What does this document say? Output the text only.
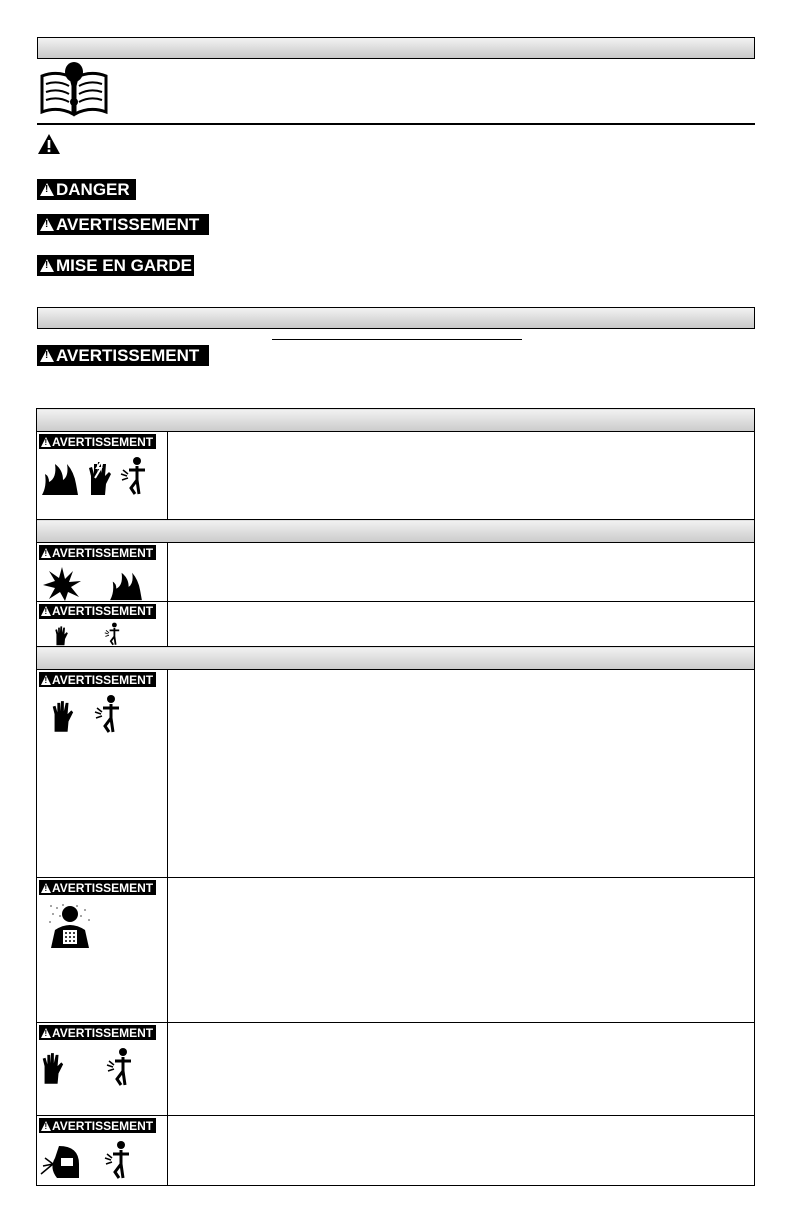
!
DANGER
!
AVERTISSEMENT
!
MISE EN GARDE
!
AVERTISSEMENT

!
AVERTISSEMENT

!
AVERTISSEMENT

!
AVERTISSEMENT

!
AVERTISSEMENT

!
AVERTISSEMENT

!
AVERTISSEMENT

!
AVERTISSEMENT
